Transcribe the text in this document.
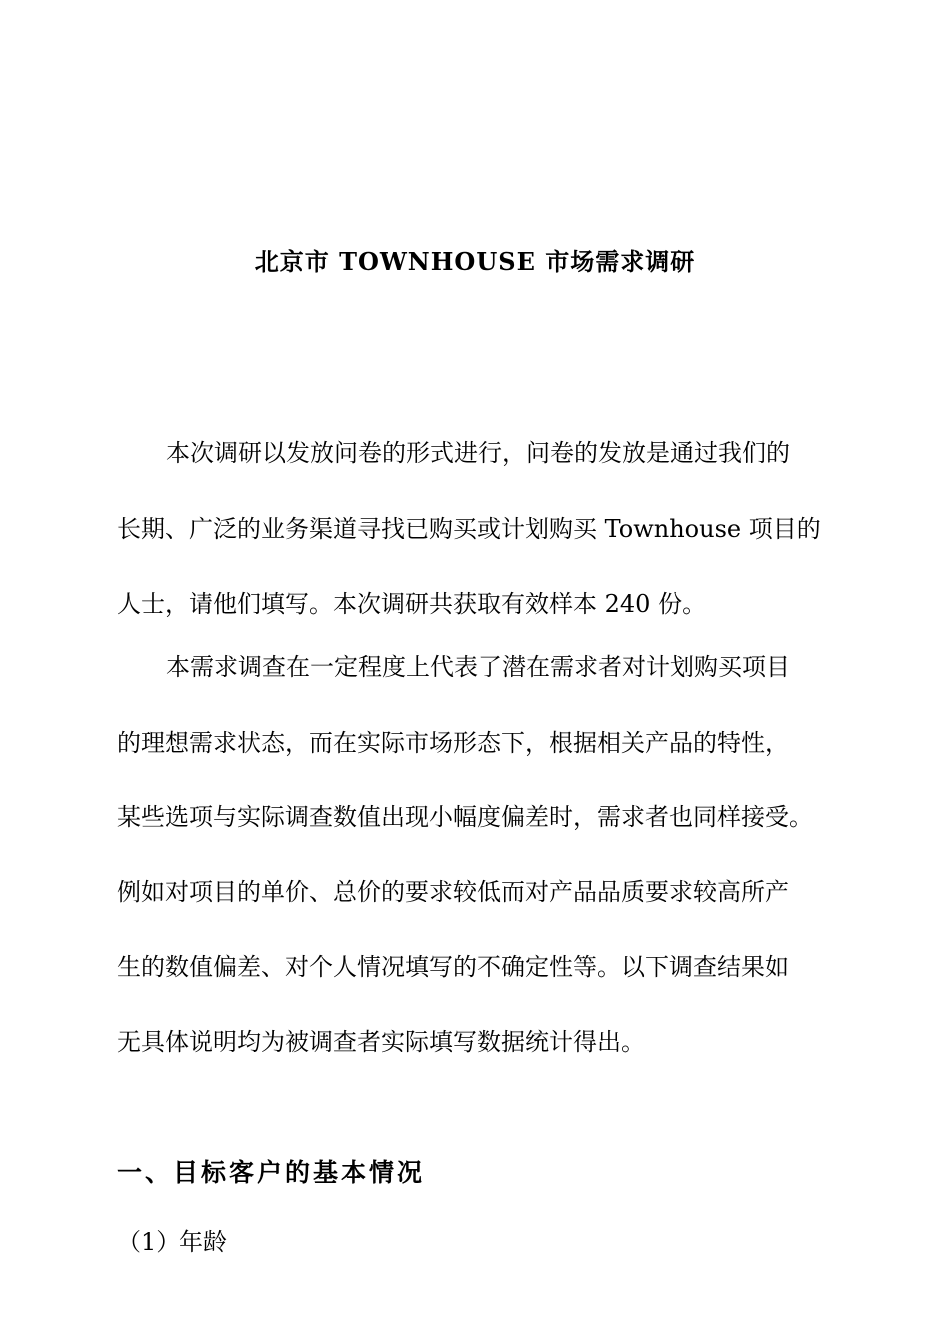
北京市 TOWNHOUSE 市场需求调研
本次调研以发放问卷的形式进行，问卷的发放是通过我们的
长期、广泛的业务渠道寻找已购买或计划购买 Townhouse 项目的
人士，请他们填写。本次调研共获取有效样本 240 份。
本需求调查在一定程度上代表了潜在需求者对计划购买项目
的理想需求状态，而在实际市场形态下，根据相关产品的特性，
某些选项与实际调查数值出现小幅度偏差时，需求者也同样接受。
例如对项目的单价、总价的要求较低而对产品品质要求较高所产
生的数值偏差、对个人情况填写的不确定性等。以下调查结果如
无具体说明均为被调查者实际填写数据统计得出。
一、目标客户的基本情况
（1）年龄
